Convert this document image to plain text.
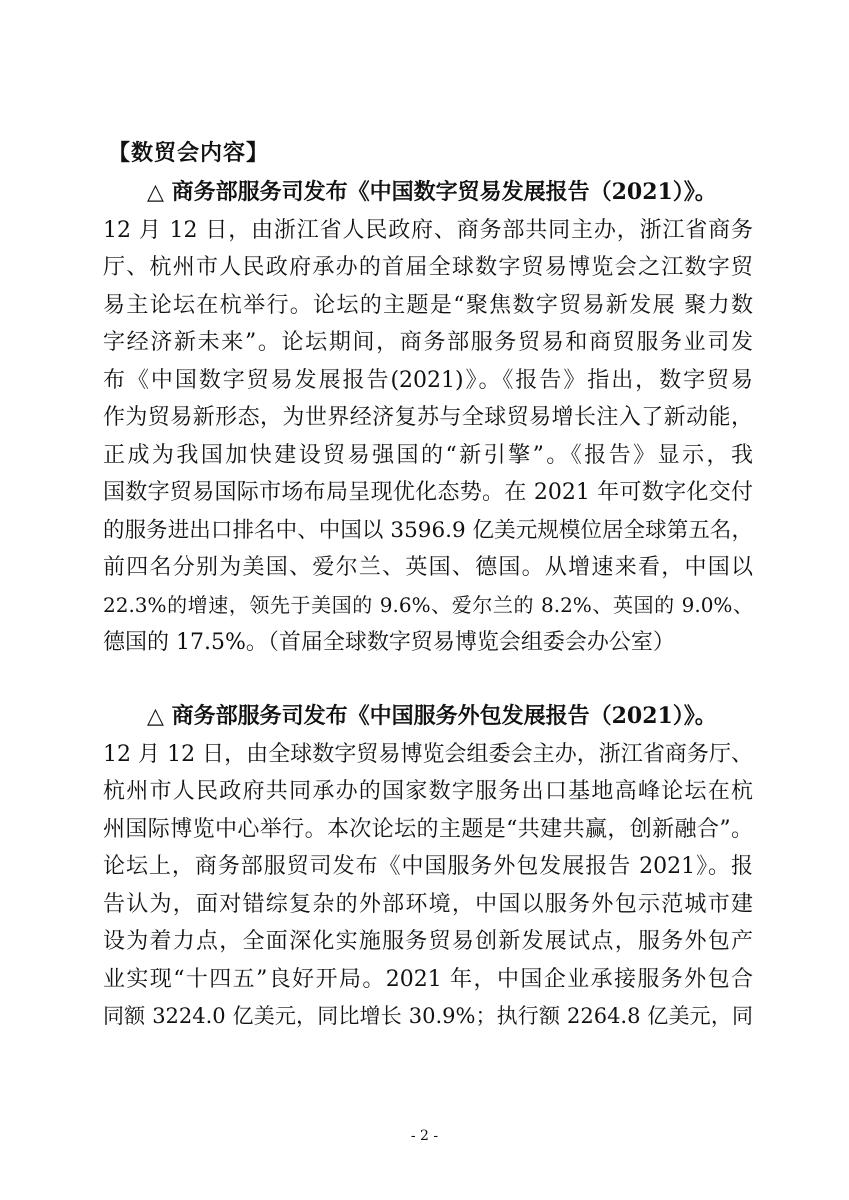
【数贸会内容】
△ 商务部服务司发布《中国数字贸易发展报告（2021）》。
12 月 12 日，由浙江省人民政府、商务部共同主办，浙江省商务
厅、杭州市人民政府承办的首届全球数字贸易博览会之江数字贸
易主论坛在杭举行。论坛的主题是“聚焦数字贸易新发展 聚力数
字经济新未来”。论坛期间，商务部服务贸易和商贸服务业司发
布《中国数字贸易发展报告(2021)》。《报告》指出，数字贸易
作为贸易新形态，为世界经济复苏与全球贸易增长注入了新动能，
正成为我国加快建设贸易强国的“新引擎”。《报告》显示，我
国数字贸易国际市场布局呈现优化态势。在 2021 年可数字化交付
的服务进出口排名中、中国以 3596.9 亿美元规模位居全球第五名，
前四名分别为美国、爱尔兰、英国、德国。从增速来看，中国以
22.3%的增速，领先于美国的 9.6%、爱尔兰的 8.2%、英国的 9.0%、
德国的 17.5%。（首届全球数字贸易博览会组委会办公室）
△ 商务部服务司发布《中国服务外包发展报告（2021）》。
12 月 12 日，由全球数字贸易博览会组委会主办，浙江省商务厅、
杭州市人民政府共同承办的国家数字服务出口基地高峰论坛在杭
州国际博览中心举行。本次论坛的主题是“共建共赢，创新融合”。
论坛上，商务部服贸司发布《中国服务外包发展报告 2021》。报
告认为，面对错综复杂的外部环境，中国以服务外包示范城市建
设为着力点，全面深化实施服务贸易创新发展试点，服务外包产
业实现“十四五”良好开局。2021 年，中国企业承接服务外包合
同额 3224.0 亿美元，同比增长 30.9%；执行额 2264.8 亿美元，同
- 2 -
